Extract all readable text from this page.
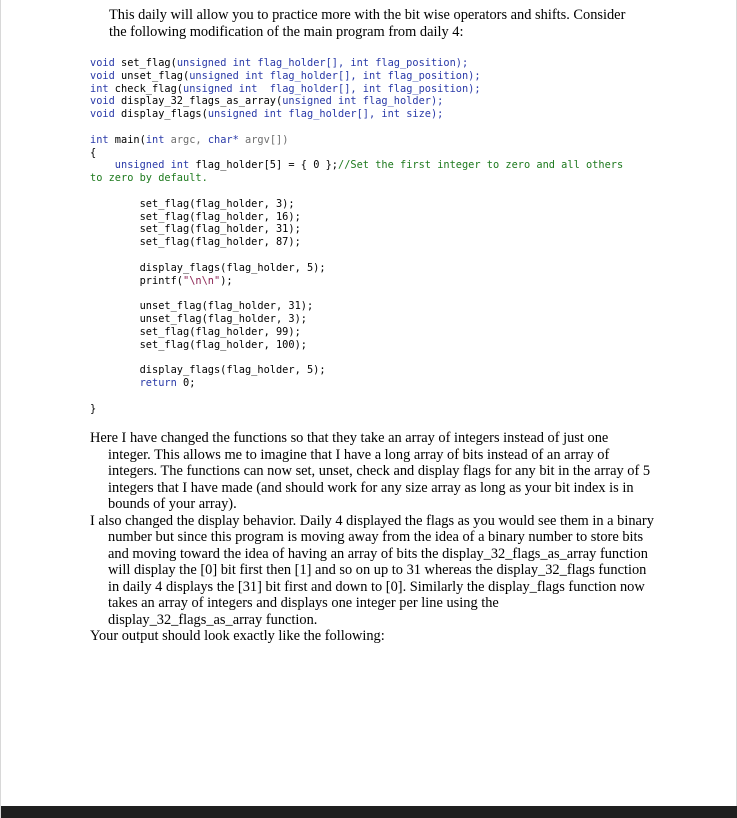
This daily will allow you to practice more with the bit wise operators and shifts. Consider
the following modification of the main program from daily 4:
void set_flag(unsigned int flag_holder[], int flag_position);
void unset_flag(unsigned int flag_holder[], int flag_position);
int check_flag(unsigned int  flag_holder[], int flag_position);
void display_32_flags_as_array(unsigned int flag_holder);
void display_flags(unsigned int flag_holder[], int size);

int main(int argc, char* argv[])
{
unsigned int flag_holder[5] = { 0 };//Set the first integer to zero and all others
to zero by default.

set_flag(flag_holder, 3);
set_flag(flag_holder, 16);
set_flag(flag_holder, 31);
set_flag(flag_holder, 87);

display_flags(flag_holder, 5);
printf("\n\n");

unset_flag(flag_holder, 31);
unset_flag(flag_holder, 3);
set_flag(flag_holder, 99);
set_flag(flag_holder, 100);

display_flags(flag_holder, 5);
return 0;

}

Here I have changed the functions so that they take an array of integers instead of just one integer. This allows me to imagine that I have a long array of bits instead of an array of integers. The functions can now set, unset, check and display flags for any bit in the array of 5 integers that I have made (and should work for any size array as long as your bit index is in bounds of your array).

I also changed the display behavior. Daily 4 displayed the flags as you would see them in a binary number but since this program is moving away from the idea of a binary number to store bits and moving toward the idea of having an array of bits the display_32_flags_as_array function will display the [0] bit first then [1] and so on up to 31 whereas the display_32_flags function in daily 4 displays the [31] bit first and down to [0]. Similarly the display_flags function now takes an array of integers and displays one integer per line using the display_32_flags_as_array function.

Your output should look exactly like the following:
